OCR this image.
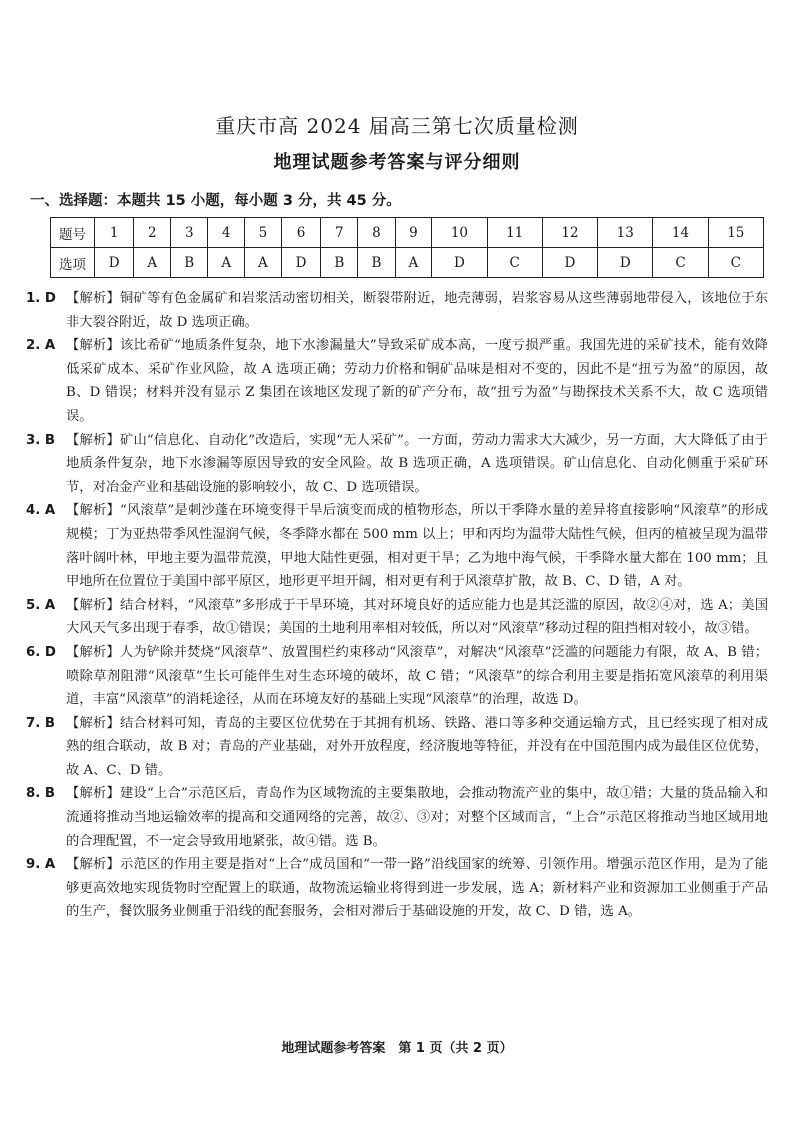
重庆市高 2024 届高三第七次质量检测
地理试题参考答案与评分细则
一、选择题：本题共 15 小题，每小题 3 分，共 45 分。
题号	1	2	3	4	5	6	7	8	9	10	11	12	13	14	15
选项	D	A	B	A	A	D	B	B	A	D	C	D	D	C	C
1. D 【解析】铜矿等有色金属矿和岩浆活动密切相关，断裂带附近，地壳薄弱，岩浆容易从这些薄弱地带侵入，该地位于东非大裂谷附近，故 D 选项正确。
2. A 【解析】该比希矿“地质条件复杂，地下水渗漏量大”导致采矿成本高，一度亏损严重。我国先进的采矿技术，能有效降低采矿成本、采矿作业风险，故 A 选项正确；劳动力价格和铜矿品味是相对不变的，因此不是“扭亏为盈”的原因，故 B、D 错误；材料并没有显示 Z 集团在该地区发现了新的矿产分布，故“扭亏为盈”与勘探技术关系不大，故 C 选项错误。
3. B 【解析】矿山“信息化、自动化”改造后，实现“无人采矿”。一方面，劳动力需求大大减少，另一方面，大大降低了由于地质条件复杂，地下水渗漏等原因导致的安全风险。故 B 选项正确，A 选项错误。矿山信息化、自动化侧重于采矿环节，对冶金产业和基础设施的影响较小，故 C、D 选项错误。
4. A 【解析】“风滚草”是刺沙蓬在环境变得干旱后演变而成的植物形态，所以干季降水量的差异将直接影响“风滚草”的形成规模；丁为亚热带季风性湿润气候，冬季降水都在 500 mm 以上；甲和丙均为温带大陆性气候，但丙的植被呈现为温带落叶阔叶林，甲地主要为温带荒漠，甲地大陆性更强，相对更干旱；乙为地中海气候，干季降水量大都在 100 mm；且甲地所在位置位于美国中部平原区，地形更平坦开阔，相对更有利于风滚草扩散，故 B、C、D 错，A 对。
5. A 【解析】结合材料，“风滚草”多形成于干旱环境，其对环境良好的适应能力也是其泛滥的原因，故②④对，选 A；美国大风天气多出现于春季，故①错误；美国的土地利用率相对较低，所以对“风滚草”移动过程的阻挡相对较小，故③错。
6. D 【解析】人为铲除并焚烧“风滚草”、放置围栏约束移动“风滚草”，对解决“风滚草”泛滥的问题能力有限，故 A、B 错；喷除草剂阻滞“风滚草”生长可能伴生对生态环境的破坏，故 C 错；“风滚草”的综合利用主要是指拓宽风滚草的利用渠道，丰富“风滚草”的消耗途径，从而在环境友好的基础上实现“风滚草”的治理，故选 D。
7. B 【解析】结合材料可知，青岛的主要区位优势在于其拥有机场、铁路、港口等多种交通运输方式，且已经实现了相对成熟的组合联动，故 B 对；青岛的产业基础，对外开放程度，经济腹地等特征，并没有在中国范围内成为最佳区位优势，故 A、C、D 错。
8. B 【解析】建设“上合”示范区后，青岛作为区域物流的主要集散地，会推动物流产业的集中，故①错；大量的货品输入和流通将推动当地运输效率的提高和交通网络的完善，故②、③对；对整个区域而言，“上合”示范区将推动当地区域用地的合理配置，不一定会导致用地紧张，故④错。选 B。
9. A 【解析】示范区的作用主要是指对“上合”成员国和“一带一路”沿线国家的统筹、引领作用。增强示范区作用，是为了能够更高效地实现货物时空配置上的联通，故物流运输业将得到进一步发展，选 A；新材料产业和资源加工业侧重于产品的生产，餐饮服务业侧重于沿线的配套服务，会相对滞后于基础设施的开发，故 C、D 错，选 A。
地理试题参考答案　第 1 页（共 2 页）
